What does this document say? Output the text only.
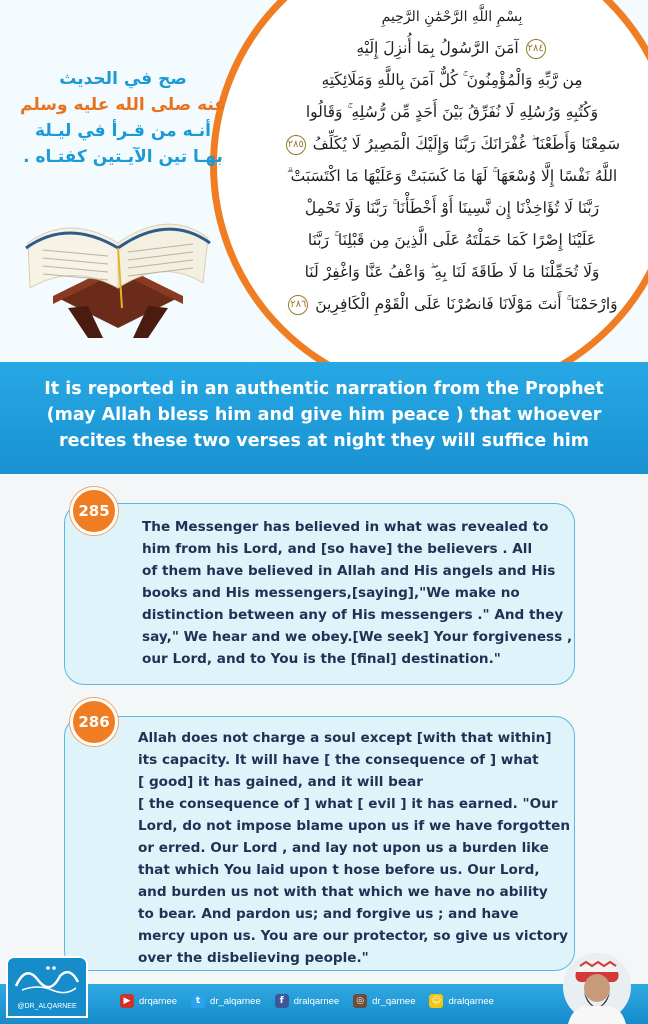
بِسْمِ اللَّهِ الرَّحْمَٰنِ الرَّحِيمِ
٢٨٤ آمَنَ الرَّسُولُ بِمَا أُنزِلَ إِلَيْهِ
مِن رَّبِّهِ وَالْمُؤْمِنُونَ ۚ كُلٌّ آمَنَ بِاللَّهِ وَمَلَائِكَتِهِ
وَكُتُبِهِ وَرُسُلِهِ لَا نُفَرِّقُ بَيْنَ أَحَدٍ مِّن رُّسُلِهِ ۚ وَقَالُوا
سَمِعْنَا وَأَطَعْنَا ۖ غُفْرَانَكَ رَبَّنَا وَإِلَيْكَ الْمَصِيرُ لَا يُكَلِّفُ ٢٨٥
اللَّهُ نَفْسًا إِلَّا وُسْعَهَا ۚ لَهَا مَا كَسَبَتْ وَعَلَيْهَا مَا اكْتَسَبَتْ ۗ
رَبَّنَا لَا تُؤَاخِذْنَا إِن نَّسِينَا أَوْ أَخْطَأْنَا ۚ رَبَّنَا وَلَا تَحْمِلْ
عَلَيْنَا إِصْرًا كَمَا حَمَلْتَهُ عَلَى الَّذِينَ مِن قَبْلِنَا ۚ رَبَّنَا
وَلَا تُحَمِّلْنَا مَا لَا طَاقَةَ لَنَا بِهِ ۖ وَاعْفُ عَنَّا وَاغْفِرْ لَنَا
وَارْحَمْنَا ۚ أَنتَ مَوْلَانَا فَانصُرْنَا عَلَى الْقَوْمِ الْكَافِرِينَ ٢٨٦
صح في الحديث
عنه صلى الله عليه وسلم
أنـه من قـرأ في ليـلة
بهـا تين الآيـتين كفتـاه .
It is reported in an authentic narration from the Prophet
(may Allah bless him and give him peace ) that whoever
recites these two verses at night they will suffice him
285
The Messenger has believed in what was revealed to
him from his Lord, and [so have] the believers . All
of them have believed in Allah and His angels and His
books and His messengers,[saying],"We make no
distinction between any of His messengers ." And they
say," We hear and we obey.[We seek] Your forgiveness ,
our Lord, and to You is the [final] destination."
286
Allah does not charge a soul except [with that within]
its capacity. It will have [ the consequence of ] what
[ good] it has gained, and it will bear
[ the consequence of ] what [ evil ] it has earned. "Our
Lord, do not impose blame upon us if we have forgotten
or erred. Our Lord , and lay not upon us a burden like
that which You laid upon t hose before us. Our Lord,
and burden us not with that which we have no ability
to bear. And pardon us; and forgive us ; and have
mercy upon us. You are our protector, so give us victory
over the disbelieving people."
@DR_ALQARNEE
▶ drqarnee	t	dr_alqarnee	f	dralqarnee	◎ dr_qarnee ☺ dralqarnee
